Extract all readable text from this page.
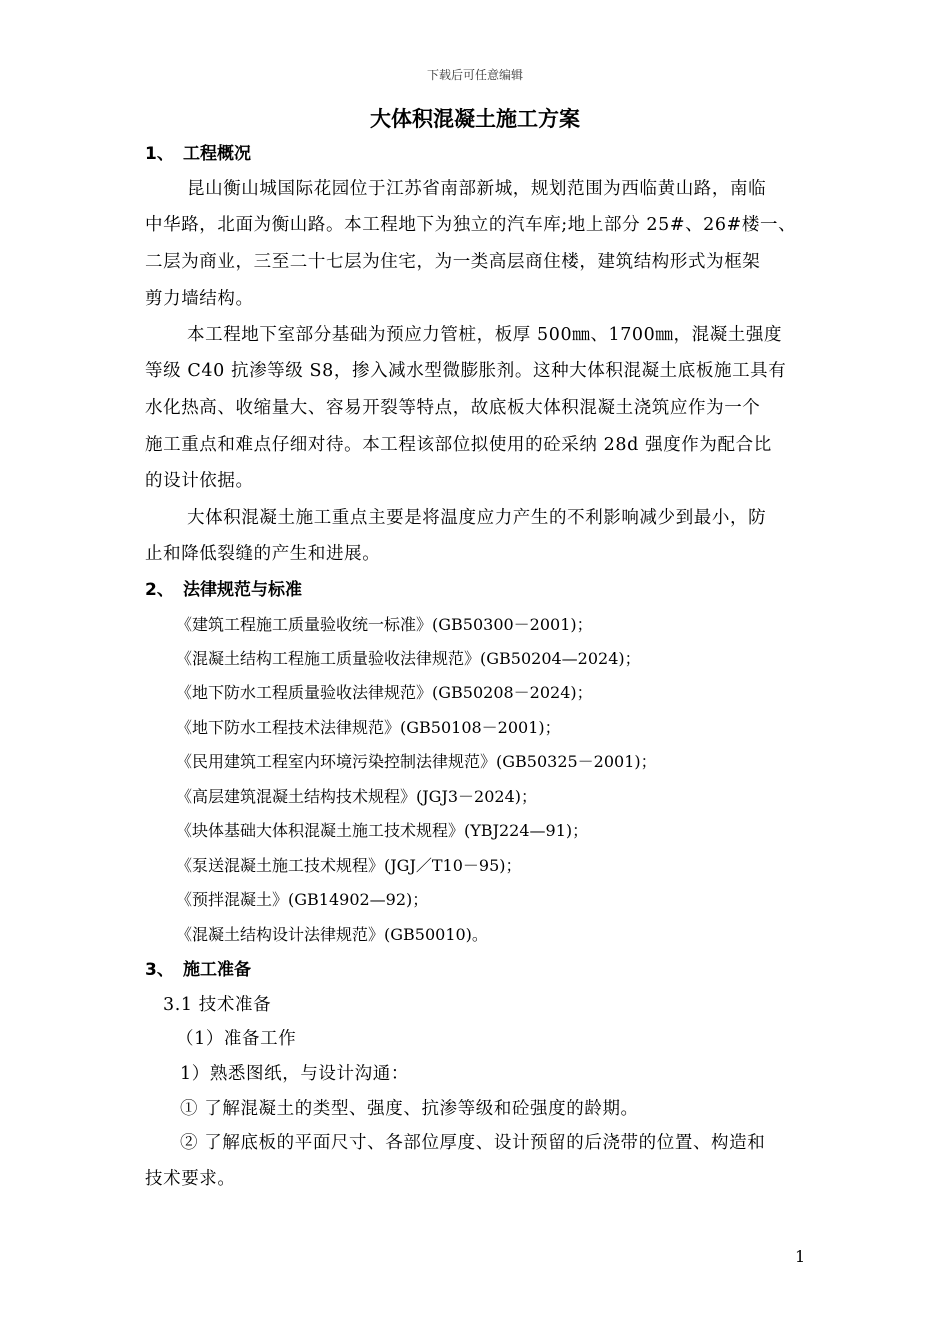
下载后可任意编辑
大体积混凝土施工方案
1、 工程概况
昆山衡山城国际花园位于江苏省南部新城，规划范围为西临黄山路，南临
中华路，北面为衡山路。本工程地下为独立的汽车库;地上部分 25#、26#楼一、
二层为商业，三至二十七层为住宅，为一类高层商住楼，建筑结构形式为框架
剪力墙结构。
本工程地下室部分基础为预应力管桩，板厚 500㎜、1700㎜，混凝土强度
等级 C40 抗渗等级 S8，掺入减水型微膨胀剂。这种大体积混凝土底板施工具有
水化热高、收缩量大、容易开裂等特点，故底板大体积混凝土浇筑应作为一个
施工重点和难点仔细对待。本工程该部位拟使用的砼采纳 28d 强度作为配合比
的设计依据。
大体积混凝土施工重点主要是将温度应力产生的不利影响减少到最小，防
止和降低裂缝的产生和进展。
2、 法律规范与标准
《建筑工程施工质量验收统一标准》(GB50300－2001)；
《混凝土结构工程施工质量验收法律规范》(GB50204—2024)；
《地下防水工程质量验收法律规范》(GB50208－2024)；
《地下防水工程技术法律规范》(GB50108－2001)；
《民用建筑工程室内环境污染控制法律规范》(GB50325－2001)；
《高层建筑混凝土结构技术规程》(JGJ3－2024)；
《块体基础大体积混凝土施工技术规程》(YBJ224—91)；
《泵送混凝土施工技术规程》(JGJ／T10－95)；
《预拌混凝土》(GB14902—92)；
《混凝土结构设计法律规范》(GB50010)。
3、 施工准备
3.1 技术准备
（1）准备工作
1）熟悉图纸，与设计沟通：
① 了解混凝土的类型、强度、抗渗等级和砼强度的龄期。
② 了解底板的平面尺寸、各部位厚度、设计预留的后浇带的位置、构造和
技术要求。
1
